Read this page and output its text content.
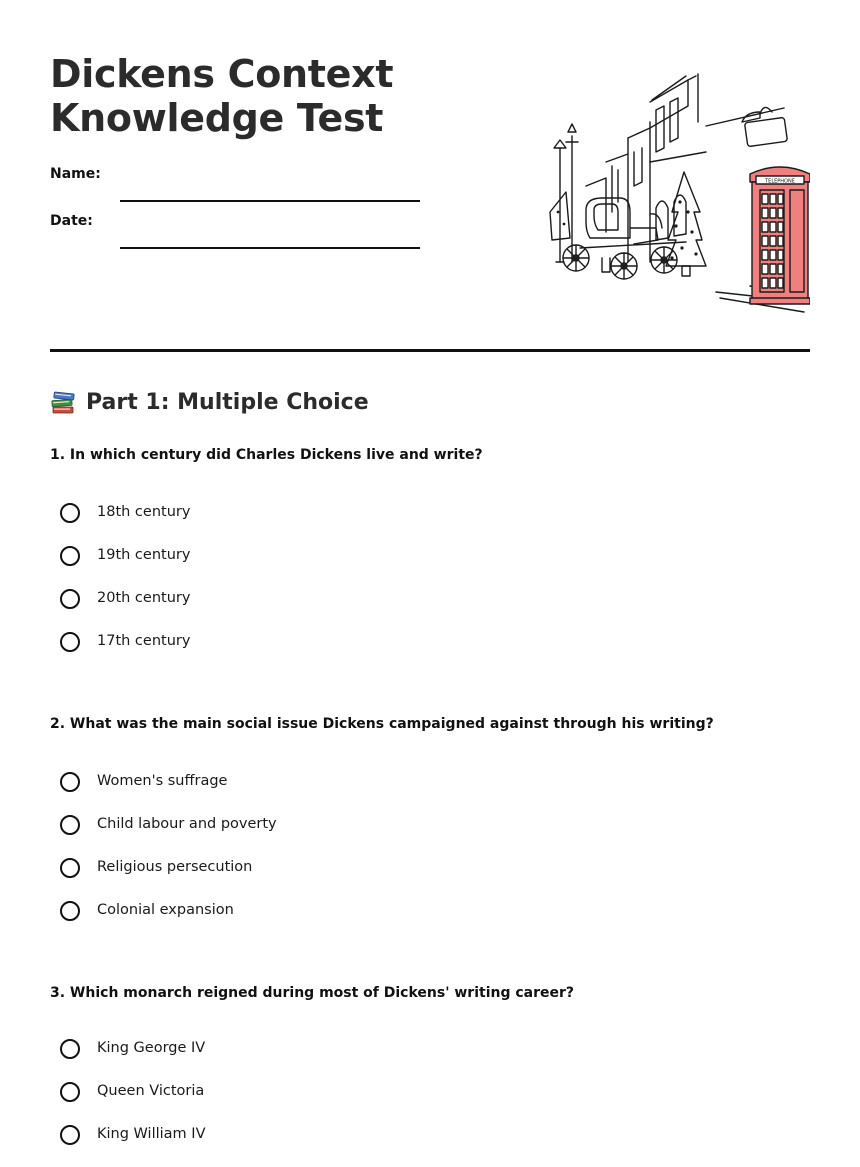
Dickens Context
Knowledge Test
Name:
Date:
TELEPHONE
Part 1: Multiple Choice

1. In which century did Charles Dickens live and write?

18th century
19th century
20th century
17th century

2. What was the main social issue Dickens campaigned against through his writing?

Women's suffrage
Child labour and poverty
Religious persecution
Colonial expansion

3. Which monarch reigned during most of Dickens' writing career?

King George IV
Queen Victoria
King William IV
